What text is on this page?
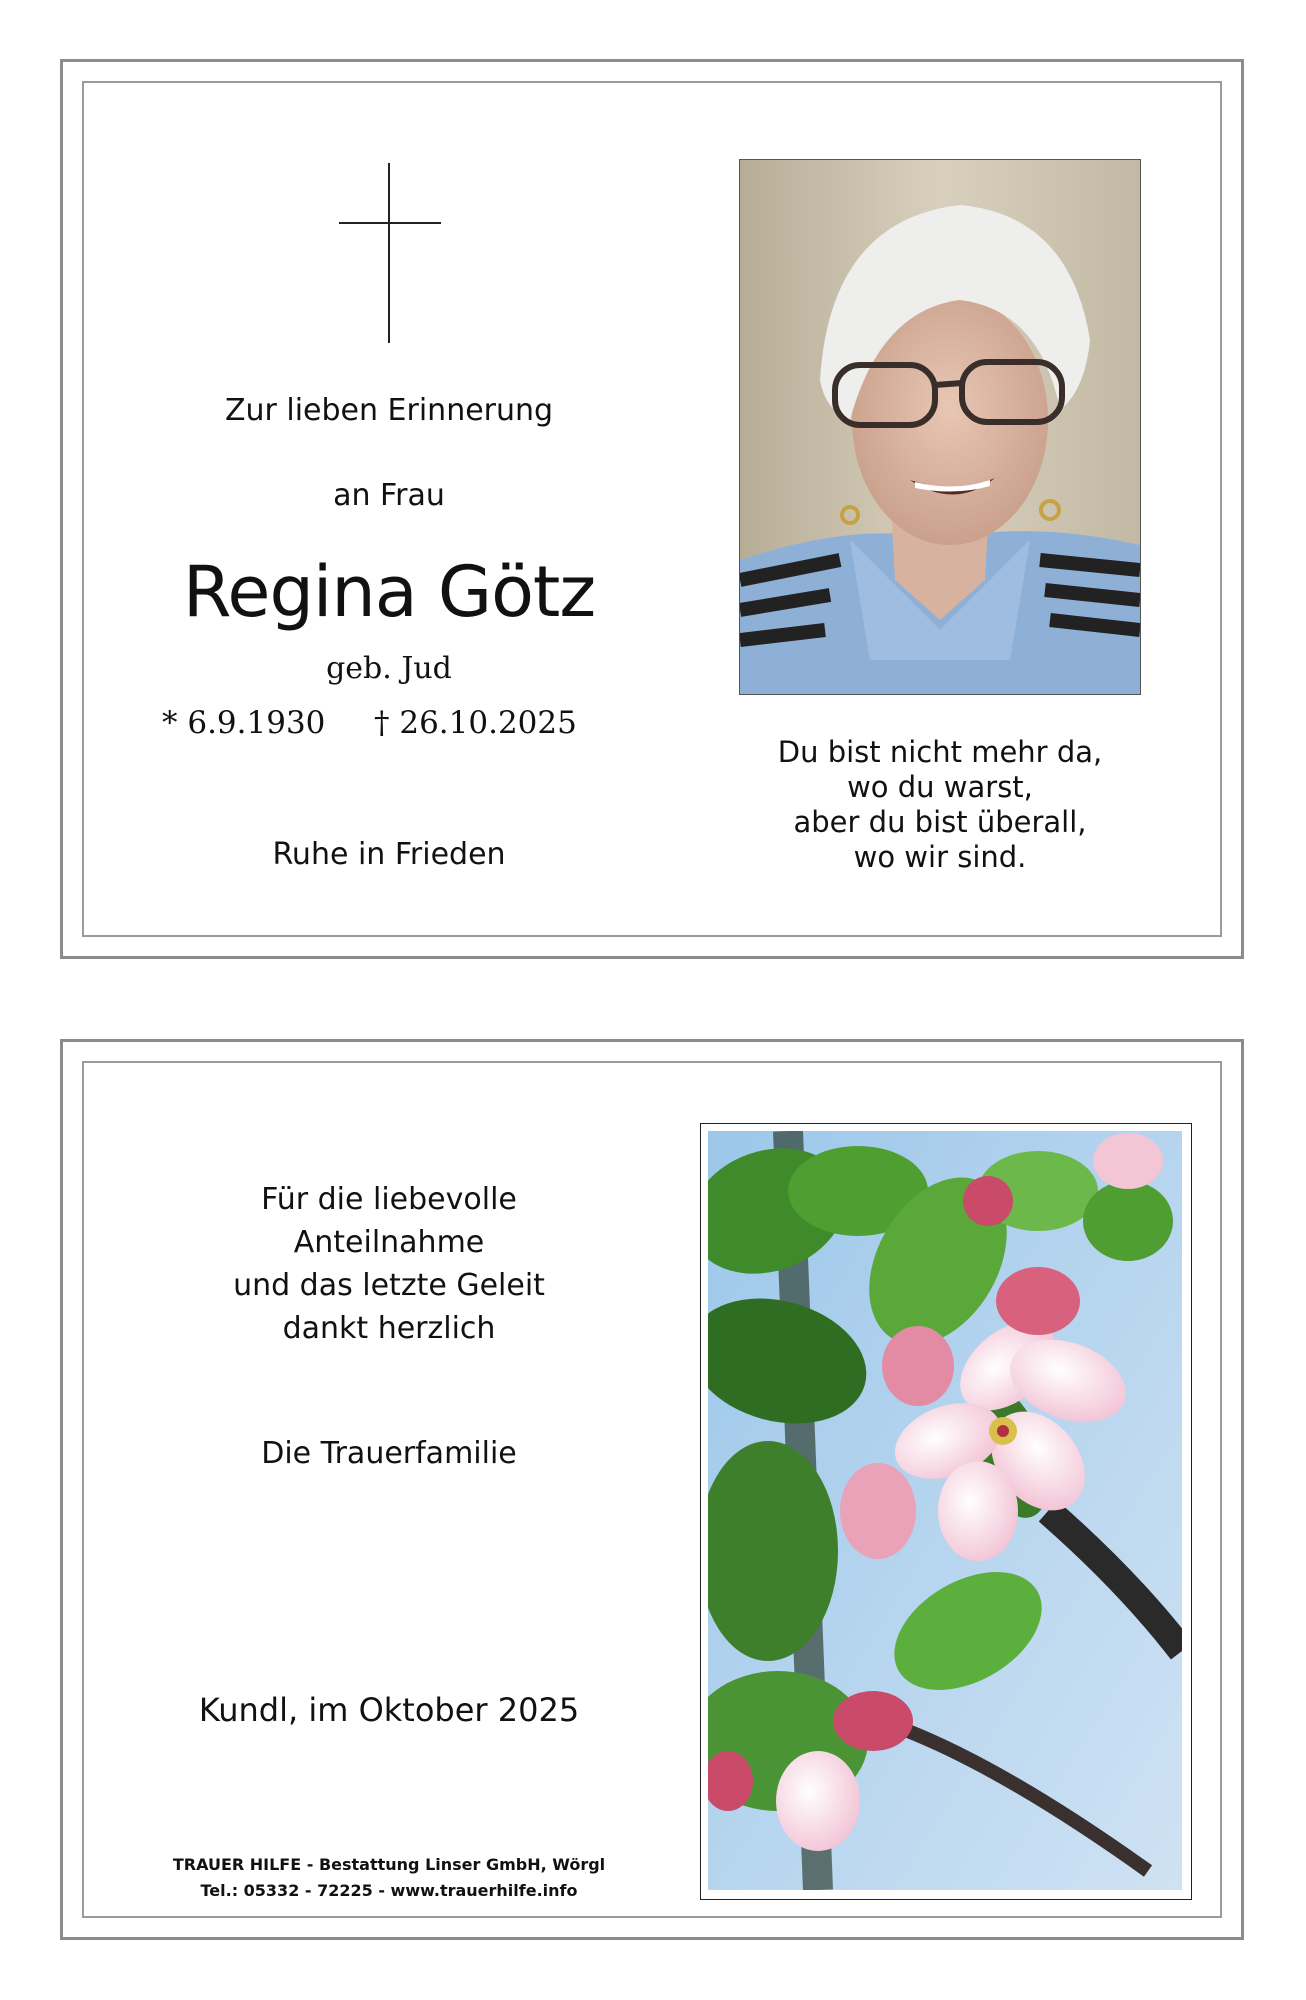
Zur lieben Erinnerung
an Frau
Regina Götz
geb. Jud
* 6.9.1930 † 26.10.2025
Ruhe in Frieden
Du bist nicht mehr da,
wo du warst,
aber du bist überall,
wo wir sind.
Für die liebevolle
Anteilnahme
und das letzte Geleit
dankt herzlich
Die Trauerfamilie
Kundl, im Oktober 2025
TRAUER HILFE - Bestattung Linser GmbH, Wörgl
Tel.: 05332 - 72225 - www.trauerhilfe.info
